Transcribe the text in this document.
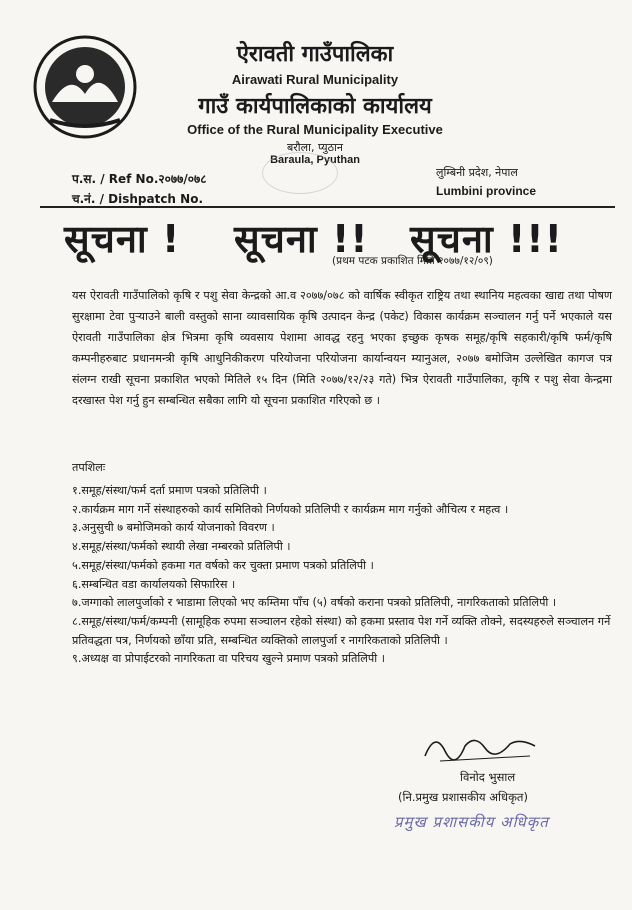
ऐरावती गाउँपालिका
Airawati Rural Municipality
गाउँ कार्यपालिकाको कार्यालय
Office of the Rural Municipality Executive
बरौला, प्युठान
Baraula, Pyuthan
प.स. / Ref No.२०७७/०७८
च.नं. / Dishpatch No.
लुम्बिनी प्रदेश, नेपाल
Lumbini province
सूचना ! सूचना !! सूचना !!!
(प्रथम पटक प्रकाशित मिति २०७७/१२/०९)
यस ऐरावती गाउँपालिको कृषि र पशु सेवा केन्द्रको आ.व २०७७/०७८ को वार्षिक स्वीकृत राष्ट्रिय तथा स्थानिय महत्वका खाद्य तथा पोषण सुरक्षामा टेवा पुऱ्याउने बाली वस्तुको साना व्यावसायिक कृषि उत्पादन केन्द्र (पकेट) विकास कार्यक्रम सञ्चालन गर्नु पर्ने भएकाले यस ऐरावती गाउँपालिका क्षेत्र भित्रमा कृषि व्यवसाय पेशामा आवद्ध रहनु भएका इच्छुक कृषक समूह/कृषि सहकारी/कृषि फर्म/कृषि कम्पनीहरुबाट प्रधानमन्त्री कृषि आधुनिकीकरण परियोजना परियोजना कार्यान्वयन म्यानुअल, २०७७ बमोजिम उल्लेखित कागज पत्र संलग्न राखी सूचना प्रकाशित भएको मितिले १५ दिन (मिति २०७७/१२/२३ गते) भित्र ऐरावती गाउँपालिका, कृषि र पशु सेवा केन्द्रमा दरखास्त पेश गर्नु हुन सम्बन्धित सबैका लागि यो सूचना प्रकाशित गरिएको छ ।
तपशिलः
१.समूह/संस्था/फर्म दर्ता प्रमाण पत्रको प्रतिलिपी ।
२.कार्यक्रम माग गर्ने संस्थाहरुको कार्य समितिको निर्णयको प्रतिलिपी र कार्यक्रम माग गर्नुको औचित्य र महत्व ।
३.अनुसुची ७ बमोजिमको कार्य योजनाको विवरण ।
४.समूह/संस्था/फर्मको स्थायी लेखा नम्बरको प्रतिलिपी ।
५.समूह/संस्था/फर्मको हकमा गत वर्षको कर चुक्ता प्रमाण पत्रको प्रतिलिपी ।
६.सम्बन्धित वडा कार्यालयको सिफारिस ।
७.जग्गाको लालपुर्जाको र भाडामा लिएको भए कम्तिमा पाँच (५) वर्षको कराना पत्रको प्रतिलिपी, नागरिकताको प्रतिलिपी ।
८.समूह/संस्था/फर्म/कम्पनी (सामूहिक रुपमा सञ्चालन रहेको संस्था) को हकमा प्रस्ताव पेश गर्ने व्यक्ति तोक्ने, सदस्यहरुले सञ्चालन गर्ने प्रतिवद्धता पत्र, निर्णयको छाँया प्रति, सम्बन्धित व्यक्तिको लालपुर्जा र नागरिकताको प्रतिलिपी ।
९.अध्यक्ष वा प्रोपाईटरको नागरिकता वा परिचय खुल्ने प्रमाण पत्रको प्रतिलिपी ।
विनोद भुसाल
(नि.प्रमुख प्रशासकीय अधिकृत)
प्रमुख प्रशासकीय अधिकृत
